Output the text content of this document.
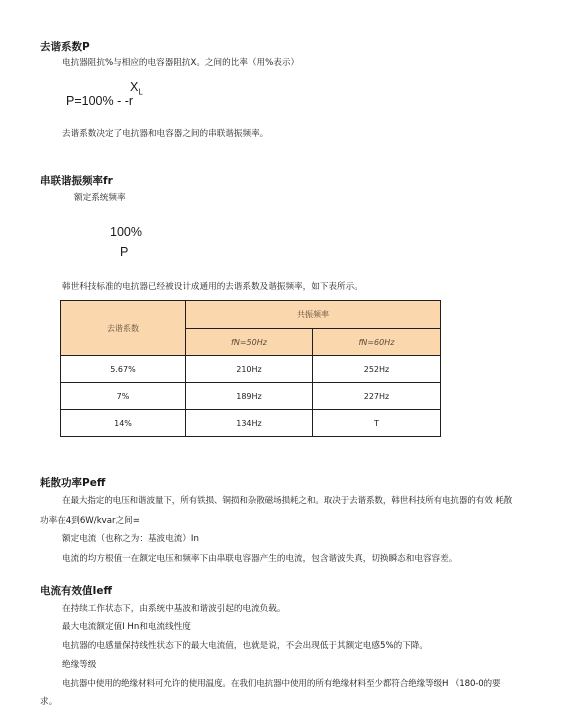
去谐系数P
电抗器阻抗%与相应的电容器阻抗X。之间的比率（用%表示）
$X_L$
P=100% - -r
去谐系数决定了电抗器和电容器之间的串联谐振频率。
串联谐振频率fr
额定系统频率
100%
P
韩世科技标准的电抗器已经被设计成通用的去谐系数及谐振频率，如下表所示。
去谐系数	共振频率	
	fN=50Hz	fN=60Hz
5.67%	210Hz	252Hz
7%	189Hz	227Hz
14%	134Hz	T
耗散功率Peff
在最大指定的电压和谐波量下，所有铁损、铜损和杂散磁场损耗之和。取决于去谐系数，韩世科技所有电抗器的有效 耗散
功率在4到6W/kvar之间=
额定电流（也称之为：基波电流）In
电流的均方根值一在额定电压和频率下由串联电容器产生的电流，包含谐波失真，切换瞬态和电容容差。
电流有效值Ieff
在持续工作状态下，由系统中基波和谐波引起的电流负载。
最大电流额定值I Hn和电流线性度
电抗器的电感量保持线性状态下的最大电流值，也就是说，不会出现低于其额定电感5%的下降。
绝缘等级
电抗器中使用的绝缘材料可允许的使用温度。在我们电抗器中使用的所有绝缘材料至少都符合绝缘等级H （180-0的要
求。
